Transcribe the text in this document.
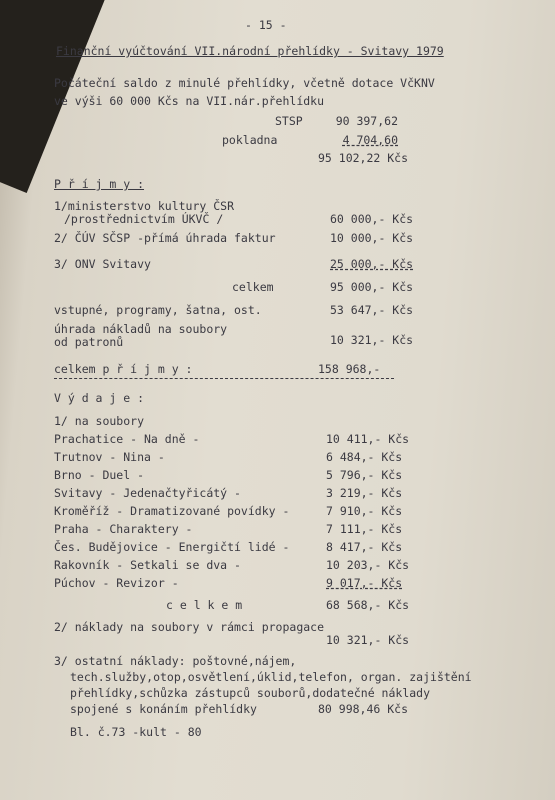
- 15 -
Finanční vyúčtování VII.národní přehlídky - Svitavy 1979
Počáteční saldo z minulé přehlídky, včetně dotace VčKNV
ve výši 60 000 Kčs na VII.nár.přehlídku
STSP	90 397,62
pokladna	4 704,60
95 102,22 Kčs
P ř í j m y :
1/ministerstvo kultury ČSR
/prostřednictvím ÚKVČ /	60 000,- Kčs
2/ ČÚV SČSP -přímá úhrada faktur	10 000,- Kčs
3/ ONV Svitavy	25 000,- Kčs
celkem	95 000,- Kčs
vstupné, programy, šatna, ost.	53 647,- Kčs
úhrada nákladů na soubory
od patronů	10 321,- Kčs
celkem p ř í j m y :	158 968,-
V ý d a j e :
1/ na soubory
Prachatice - Na dně -	10 411,- Kčs
Trutnov - Nina -	6 484,- Kčs
Brno - Duel -	5 796,- Kčs
Svitavy - Jedenačtyřicátý -	3 219,- Kčs
Kroměříž - Dramatizované povídky -	7 910,- Kčs
Praha - Charaktery -	7 111,- Kčs
Čes. Budějovice - Energičtí lidé -	8 417,- Kčs
Rakovník - Setkali se dva -	10 203,- Kčs
Púchov - Revizor -	9 017,- Kčs
c e l k e m	68 568,- Kčs
2/ náklady na soubory v rámci propagace
10 321,- Kčs
3/ ostatní náklady: poštovné,nájem,
tech.služby,otop,osvětlení,úklid,telefon, organ. zajištění
přehlídky,schůzka zástupců souborů,dodatečné náklady
spojené s konáním přehlídky	80 998,46 Kčs
Bl. č.73 -kult - 80
